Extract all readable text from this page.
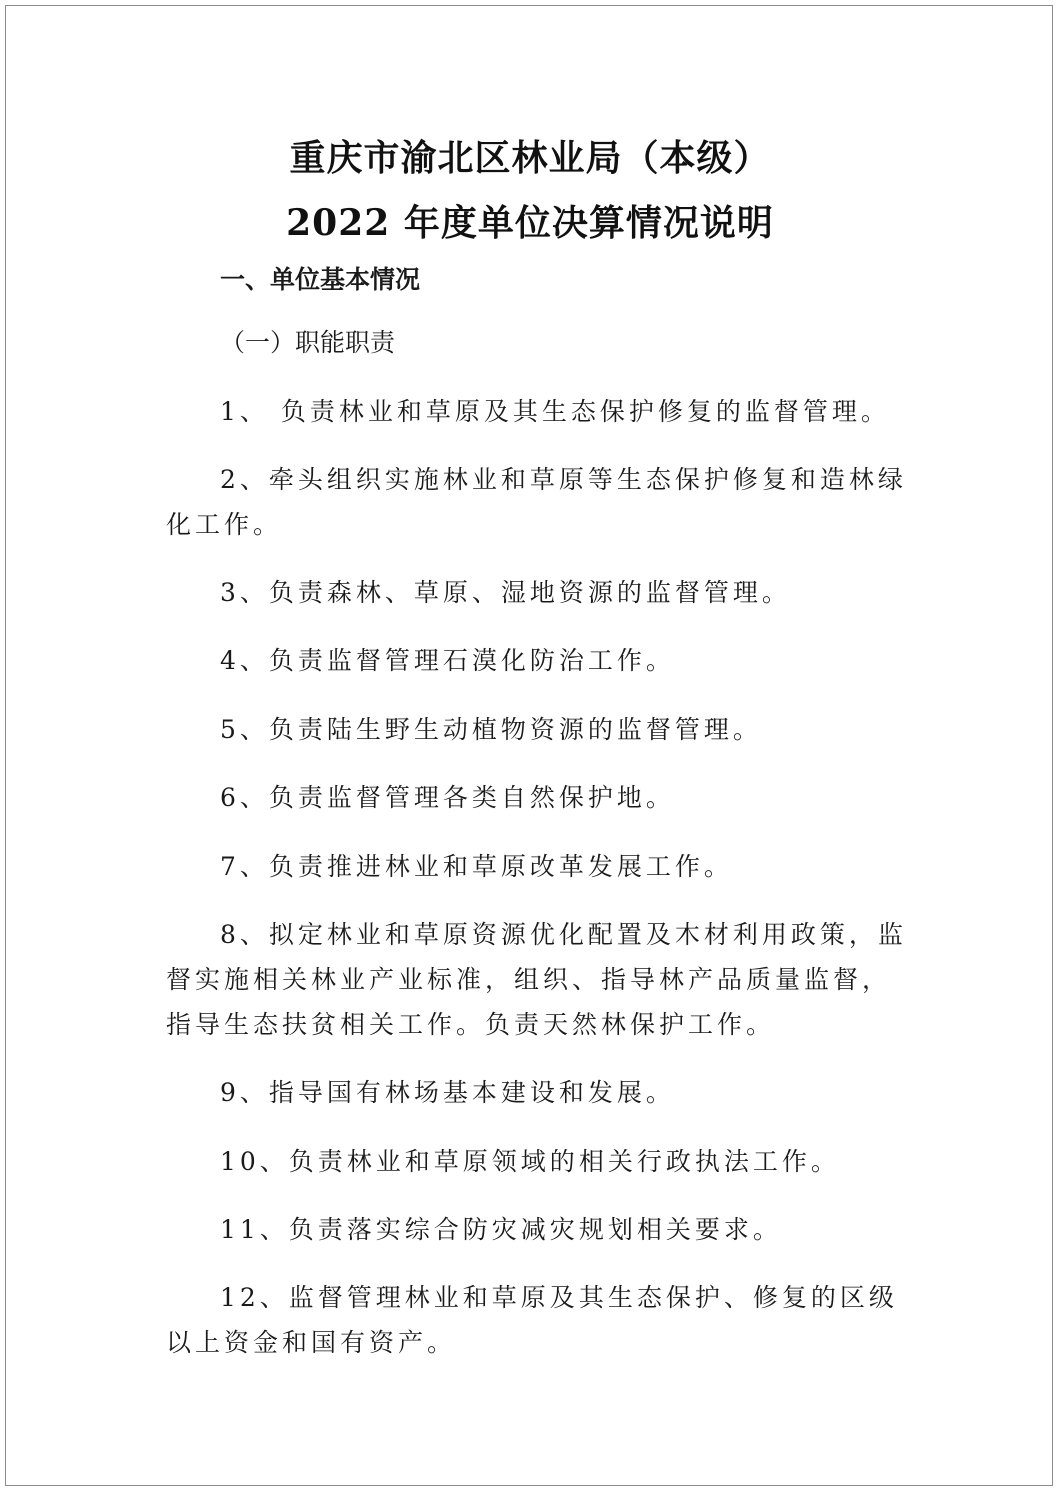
重庆市渝北区林业局（本级）
2022 年度单位决算情况说明
一、单位基本情况
（一）职能职责
1、 负责林业和草原及其生态保护修复的监督管理。
2、牵头组织实施林业和草原等生态保护修复和造林绿
化工作。
3、负责森林、草原、湿地资源的监督管理。
4、负责监督管理石漠化防治工作。
5、负责陆生野生动植物资源的监督管理。
6、负责监督管理各类自然保护地。
7、负责推进林业和草原改革发展工作。
8、拟定林业和草原资源优化配置及木材利用政策，监
督实施相关林业产业标准，组织、指导林产品质量监督，
指导生态扶贫相关工作。负责天然林保护工作。
9、指导国有林场基本建设和发展。
10、负责林业和草原领域的相关行政执法工作。
11、负责落实综合防灾减灾规划相关要求。
12、监督管理林业和草原及其生态保护、修复的区级
以上资金和国有资产。
